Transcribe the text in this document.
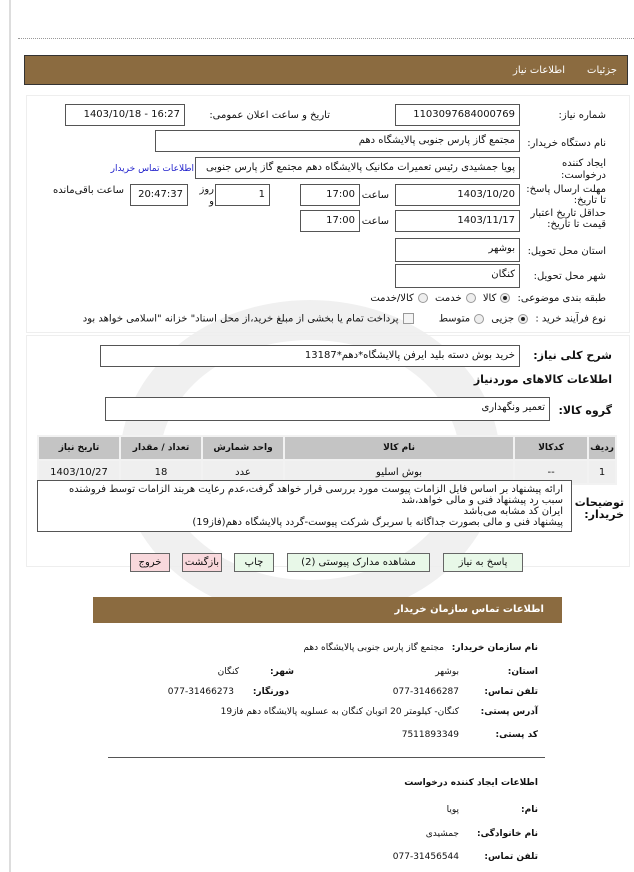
جزئیات
اطلاعات نیاز
شماره نیاز:
1103097684000769
تاریخ و ساعت اعلان عمومی:
1403/10/18 - 16:27
نام دستگاه خریدار:
مجتمع گاز پارس جنوبی پالایشگاه دهم
ایجاد کننده درخواست:
پویا جمشیدی رئیس تعمیرات مکانیک پالایشگاه دهم مجتمع گاز پارس جنوبی
اطلاعات تماس خریدار
مهلت ارسال پاسخ: تا تاریخ:
1403/10/20
ساعت
17:00
1
روز و
20:47:37
ساعت باقی‌مانده
حداقل تاریخ اعتبار قیمت تا تاریخ:
1403/11/17
ساعت
17:00
استان محل تحویل:
بوشهر
شهر محل تحویل:
کنگان
طبقه بندی موضوعی: کالا خدمت کالا/خدمت
نوع فرآیند خرید : جزیی متوسط پرداخت تمام یا بخشی از مبلغ خرید،از محل اسناد" خزانه "اسلامی خواهد بود
شرح کلی نیاز:
خرید بوش دسته بلید ایرفن پالایشگاه*دهم*13187
اطلاعات کالاهای موردنیاز
گروه کالا:
تعمیر ونگهداری
ردیف	کدکالا	نام کالا	واحد شمارش	تعداد / مقدار	تاریخ نیاز
1	--	بوش اسلیو	عدد	18	1403/10/27
توضیحات خریدار:
ارائه پیشنهاد بر اساس فایل الزامات پیوست مورد بررسی قرار خواهد گرفت،عدم رعایت هربند الزامات توسط فروشنده سبب رد پیشنهاد فنی و مالی خواهد،شد
ایران کد مشابه می‌باشد
پیشنهاد فنی و مالی بصورت جداگانه با سربرگ شرکت پیوست-گردد پالایشگاه دهم(فاز19)
پاسخ به نیاز
مشاهده مدارک پیوستی (2)
چاپ
بازگشت
خروج
اطلاعات تماس سازمان خریدار
نام سازمان خریدار:
مجتمع گاز پارس جنوبی پالایشگاه دهم
استان:
بوشهر
شهر:
کنگان
تلفن تماس:
077-31466287
دورنگار:
077-31466273
آدرس پستی:
کنگان- کیلومتر 20 اتوبان کنگان به عسلویه پالایشگاه دهم فاز19
کد پستی:
7511893349
اطلاعات ایجاد کننده درخواست
نام:
پویا
نام خانوادگی:
جمشیدی
تلفن تماس:
077-31456544
